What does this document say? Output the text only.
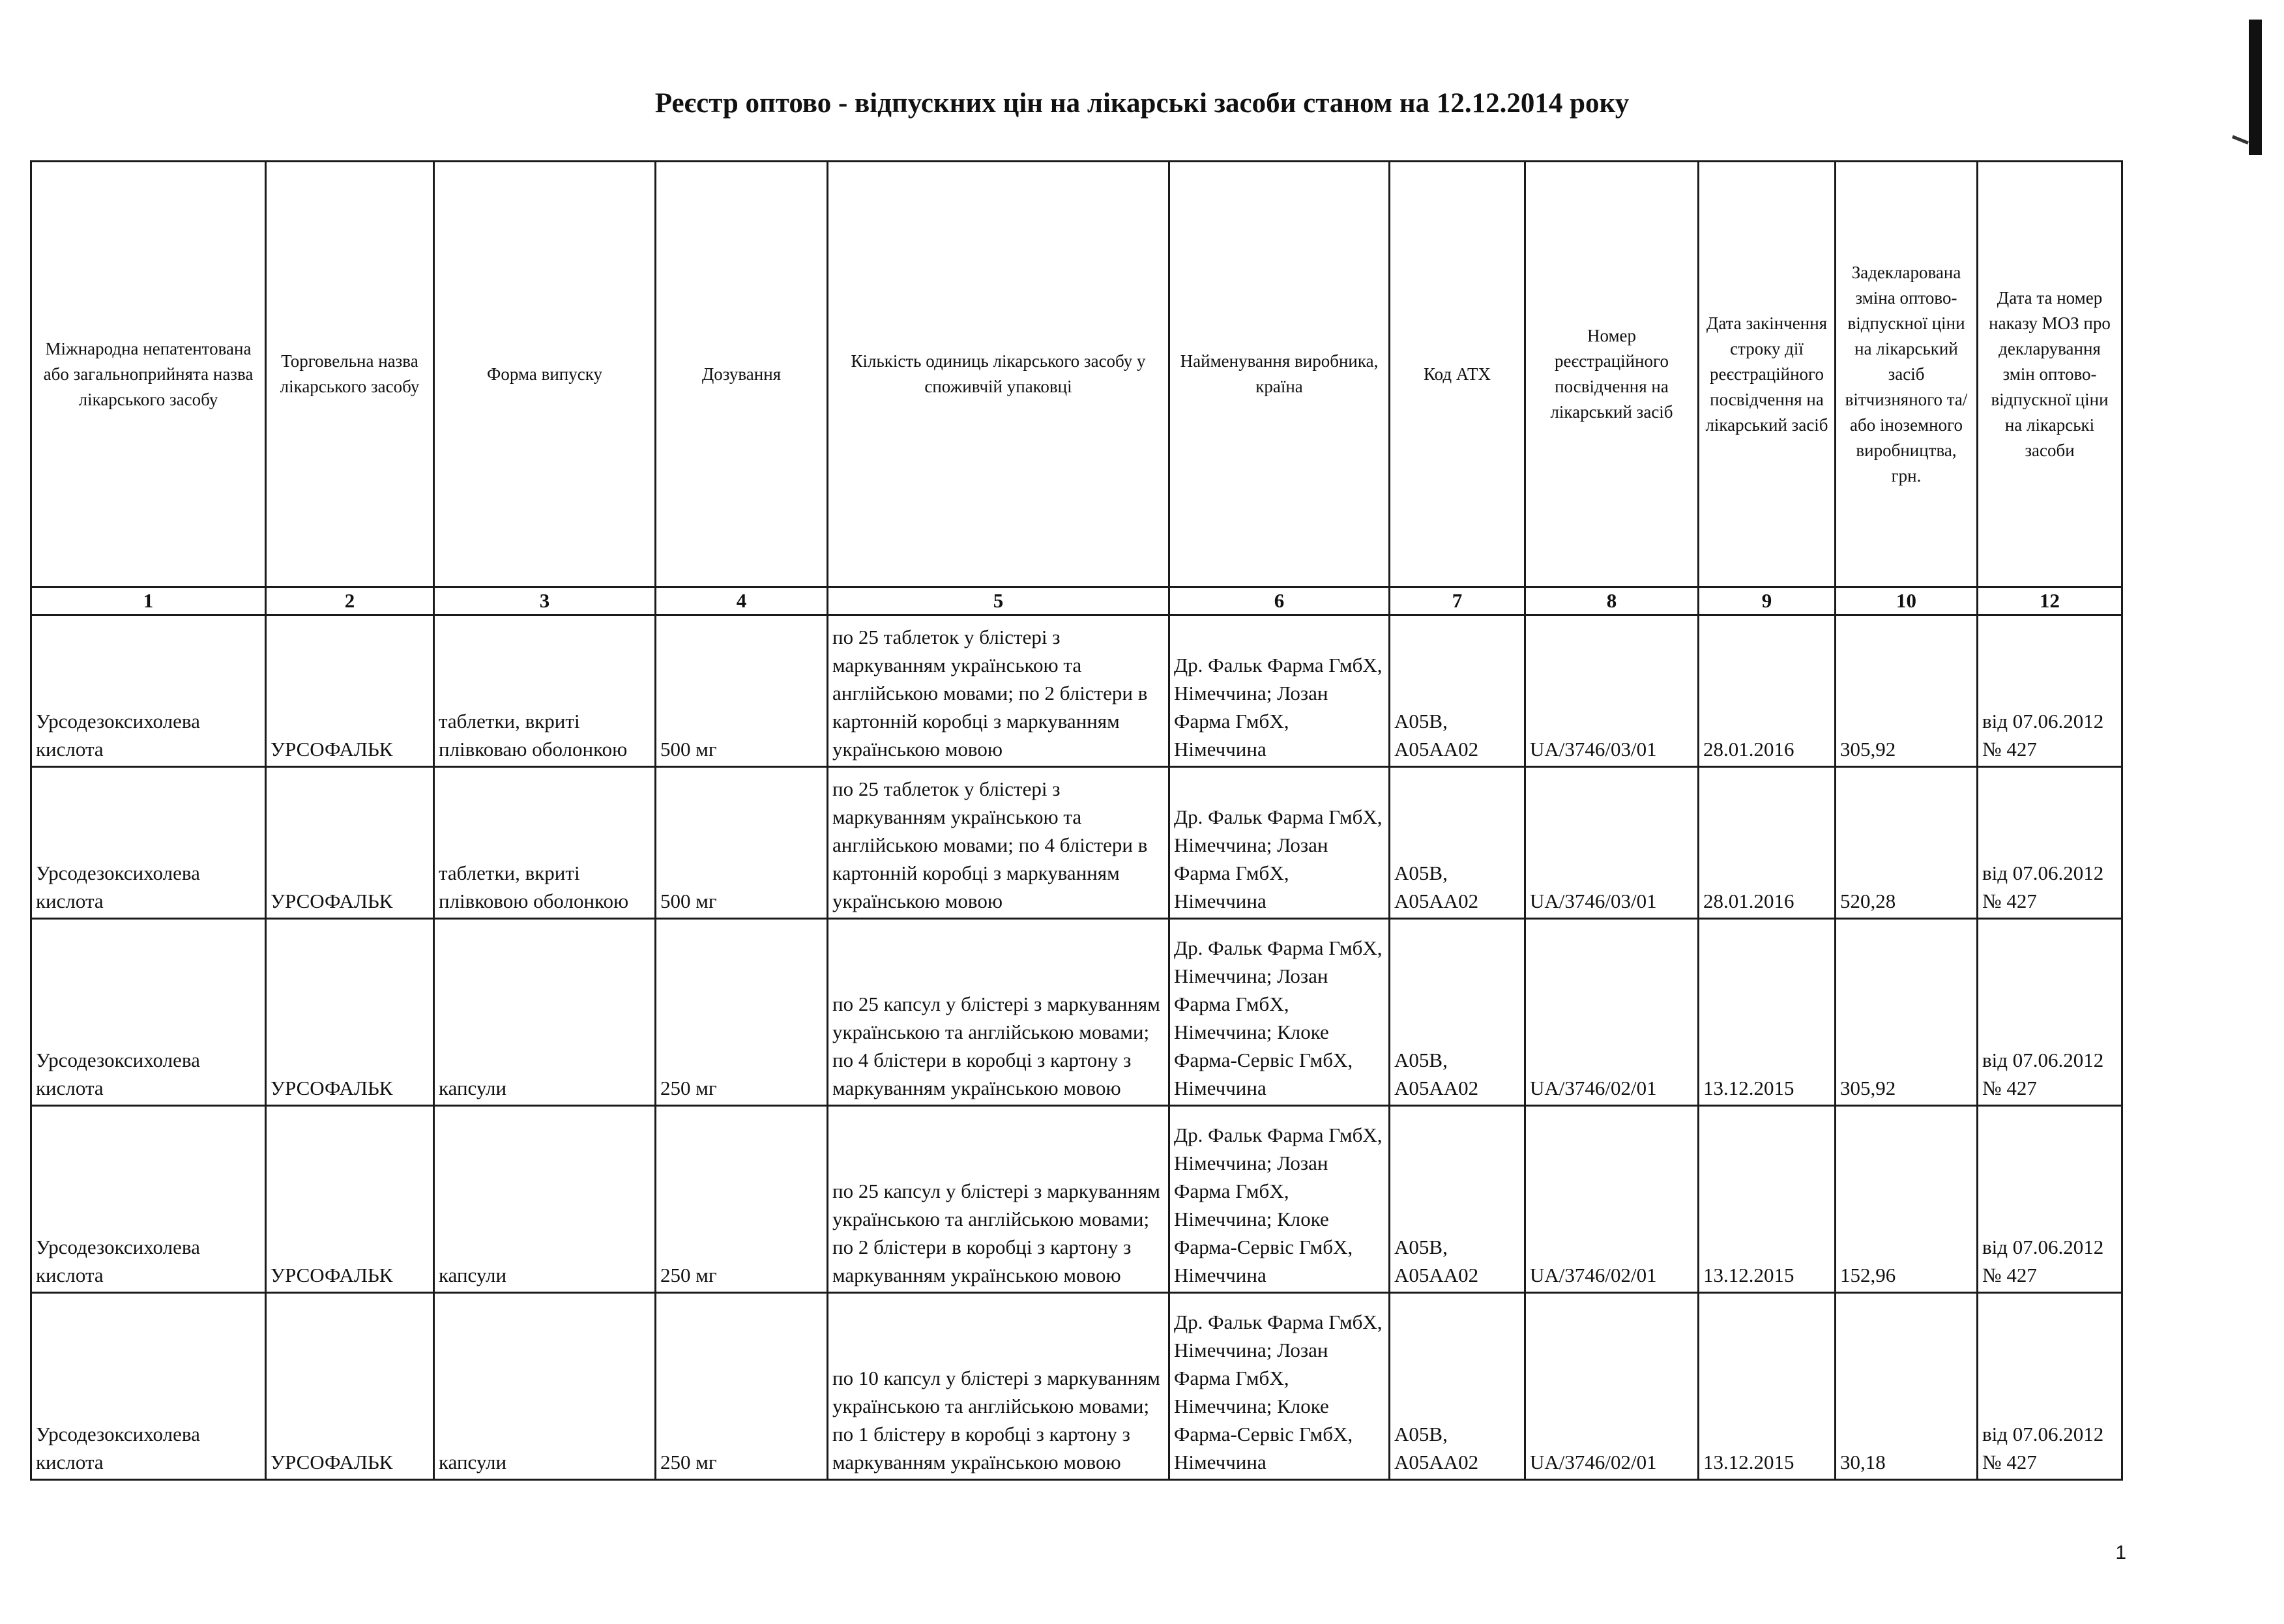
Реєстр оптово - відпускних цін на лікарські засоби станом на 12.12.2014 року
Міжнародна непатентована або загальноприйнята назва лікарського засобу	Торговельна назва лікарського засобу	Форма випуску	Дозування	Кількість одиниць лікарського засобу у споживчій упаковці	Найменування виробника, країна	Код АТХ	Номер реєстраційного посвідчення на лікарський засіб	Дата закінчення строку дії реєстраційного посвідчення на лікарський засіб	Задекларована зміна оптово-відпускної ціни на лікарський засіб вітчизняного та/або іноземного виробництва, грн.	Дата та номер наказу МОЗ про декларування змін оптово-відпускної ціни на лікарські засоби
1	2	3	4	5	6	7	8	9	10	12
Урсодезоксихолева кислота	УРСОФАЛЬК	таблетки, вкриті плівковаю оболонкою	500 мг	по 25 таблеток у блістері з маркуванням українською та англійською мовами; по 2 блістери в картонній коробці з маркуванням українською мовою	Др. Фальк Фарма ГмбХ, Німеччина; Лозан Фарма ГмбХ, Німеччина	A05B, A05AA02	UA/3746/03/01	28.01.2016	305,92	від 07.06.2012 № 427
Урсодезоксихолева кислота	УРСОФАЛЬК	таблетки, вкриті плівковою оболонкою	500 мг	по 25 таблеток у блістері з маркуванням українською та англійською мовами; по 4 блістери в картонній коробці з маркуванням українською мовою	Др. Фальк Фарма ГмбХ, Німеччина; Лозан Фарма ГмбХ, Німеччина	A05B, A05AA02	UA/3746/03/01	28.01.2016	520,28	від 07.06.2012 № 427
Урсодезоксихолева кислота	УРСОФАЛЬК	капсули	250 мг	по 25 капсул у блістері з маркуванням українською та англійською мовами; по 4 блістери в коробці з картону з маркуванням українською мовою	Др. Фальк Фарма ГмбХ, Німеччина; Лозан Фарма ГмбХ, Німеччина; Клоке Фарма-Сервіс ГмбХ, Німеччина	A05B, A05AA02	UA/3746/02/01	13.12.2015	305,92	від 07.06.2012 № 427
Урсодезоксихолева кислота	УРСОФАЛЬК	капсули	250 мг	по 25 капсул у блістері з маркуванням українською та англійською мовами; по 2 блістери в коробці з картону з маркуванням українською мовою	Др. Фальк Фарма ГмбХ, Німеччина; Лозан Фарма ГмбХ, Німеччина; Клоке Фарма-Сервіс ГмбХ, Німеччина	A05B, A05AA02	UA/3746/02/01	13.12.2015	152,96	від 07.06.2012 № 427
Урсодезоксихолева кислота	УРСОФАЛЬК	капсули	250 мг	по 10 капсул у блістері з маркуванням українською та англійською мовами; по 1 блістеру в коробці з картону з маркуванням українською мовою	Др. Фальк Фарма ГмбХ, Німеччина; Лозан Фарма ГмбХ, Німеччина; Клоке Фарма-Сервіс ГмбХ, Німеччина	A05B, A05AA02	UA/3746/02/01	13.12.2015	30,18	від 07.06.2012 № 427
1
